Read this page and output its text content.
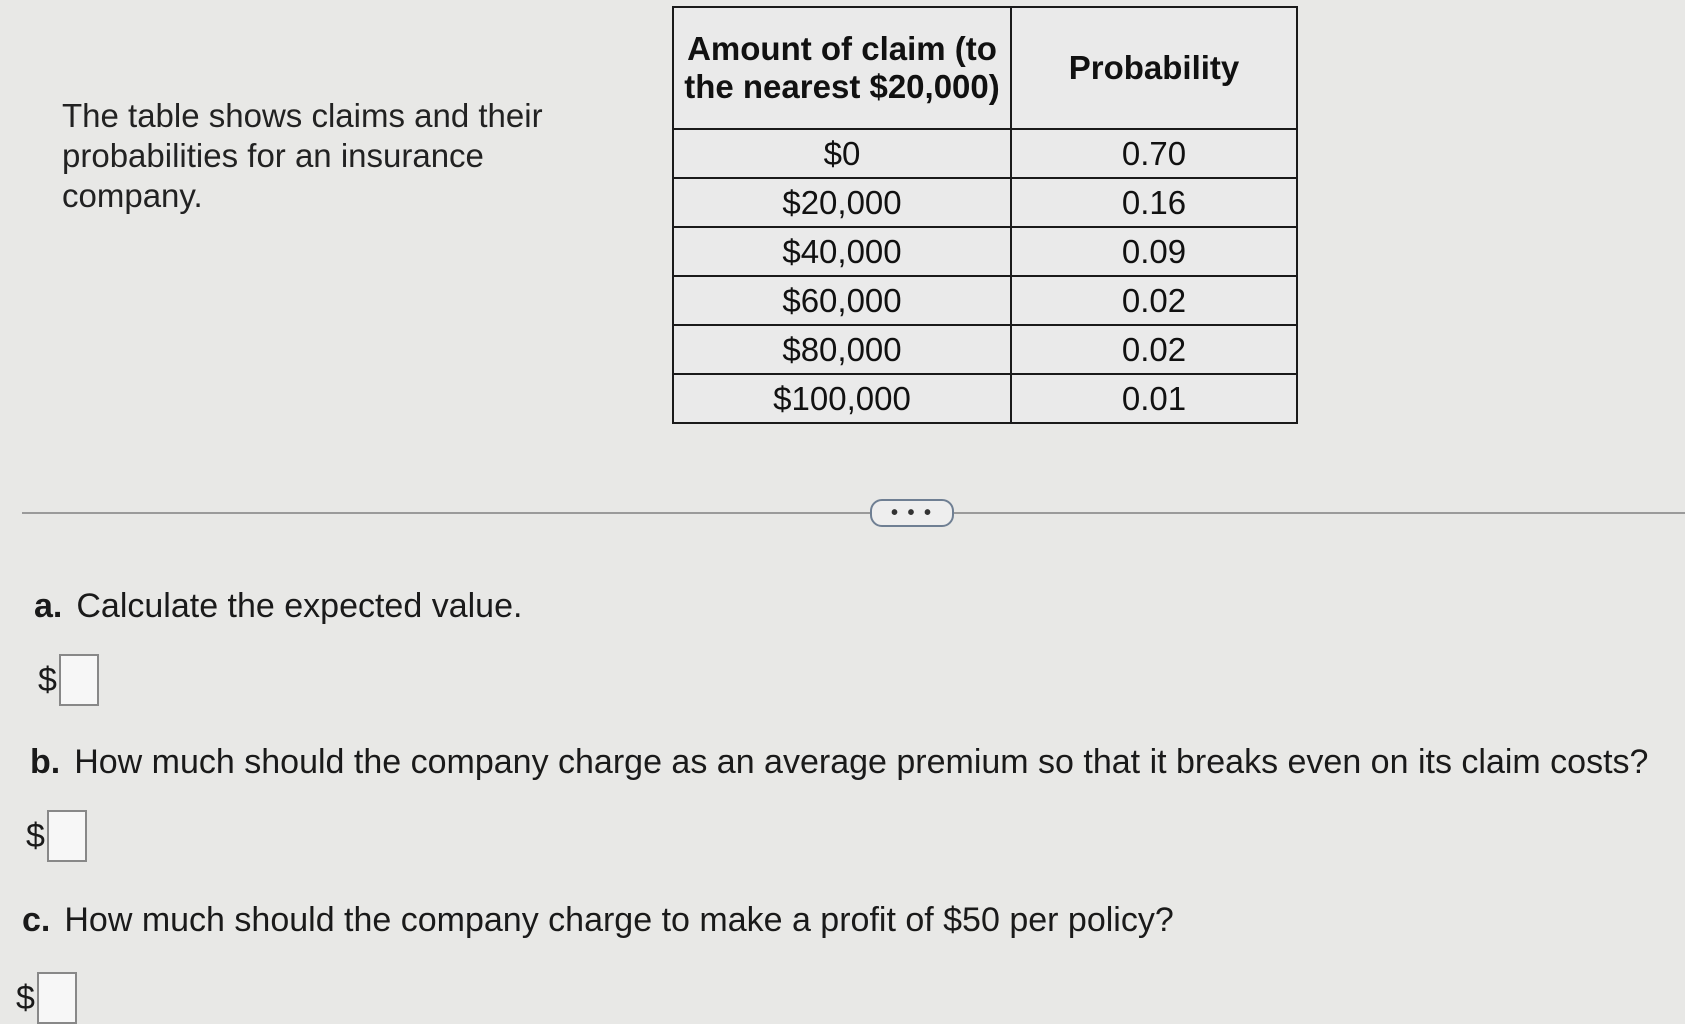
The table shows claims and their probabilities for an insurance company.
Amount of claim (to the nearest $20,000)	Probability
$0	0.70
$20,000	0.16
$40,000	0.09
$60,000	0.02
$80,000	0.02
$100,000	0.01
• • •
a. Calculate the expected value.
$
b. How much should the company charge as an average premium so that it breaks even on its claim costs?
$
c. How much should the company charge to make a profit of $50 per policy?
$
